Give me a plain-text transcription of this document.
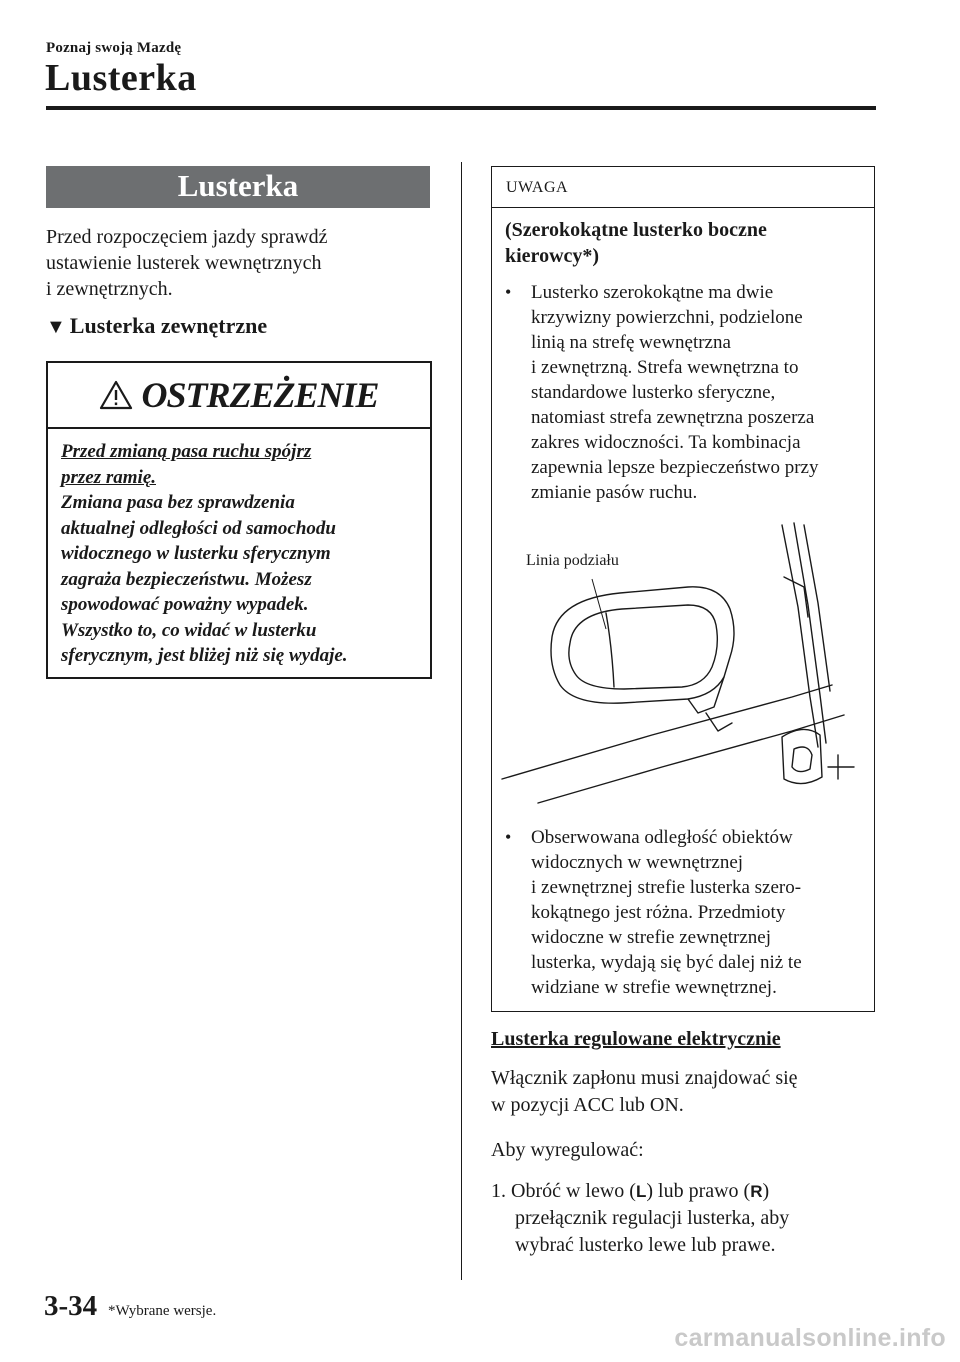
Poznaj swoją Mazdę
Lusterka
Lusterka
Przed rozpoczęciem jazdy sprawdź
ustawienie lusterek wewnętrznych
i zewnętrznych.
▼ Lusterka zewnętrzne
OSTRZEŻENIE
Przed zmianą pasa ruchu spójrz
przez ramię.
Zmiana pasa bez sprawdzenia
aktualnej odległości od samochodu
widocznego w lusterku sferycznym
zagraża bezpieczeństwu. Możesz
spowodować poważny wypadek.
Wszystko to, co widać w lusterku
sferycznym, jest bliżej niż się wydaje.
UWAGA
(Szerokokątne lusterko boczne
kierowcy*)
• Lusterko szerokokątne ma dwie
krzywizny powierzchni, podzielone
linią na strefę wewnętrzna
i zewnętrzną. Strefa wewnętrzna to
standardowe lusterko sferyczne,
natomiast strefa zewnętrzna poszerza
zakres widoczności. Ta kombinacja
zapewnia lepsze bezpieczeństwo przy
zmianie pasów ruchu.
Linia podziału
• Obserwowana odległość obiektów
widocznych w wewnętrznej
i zewnętrznej strefie lusterka szero-
kokątnego jest różna. Przedmioty
widoczne w strefie zewnętrznej
lusterka, wydają się być dalej niż te
widziane w strefie wewnętrznej.
Lusterka regulowane elektrycznie
Włącznik zapłonu musi znajdować się
w pozycji ACC lub ON.
Aby wyregulować:
1. Obróć w lewo (L) lub prawo (R)
przełącznik regulacji lusterka, aby
wybrać lusterko lewe lub prawe.
3-34 *Wybrane wersje.
carmanualsonline.info
